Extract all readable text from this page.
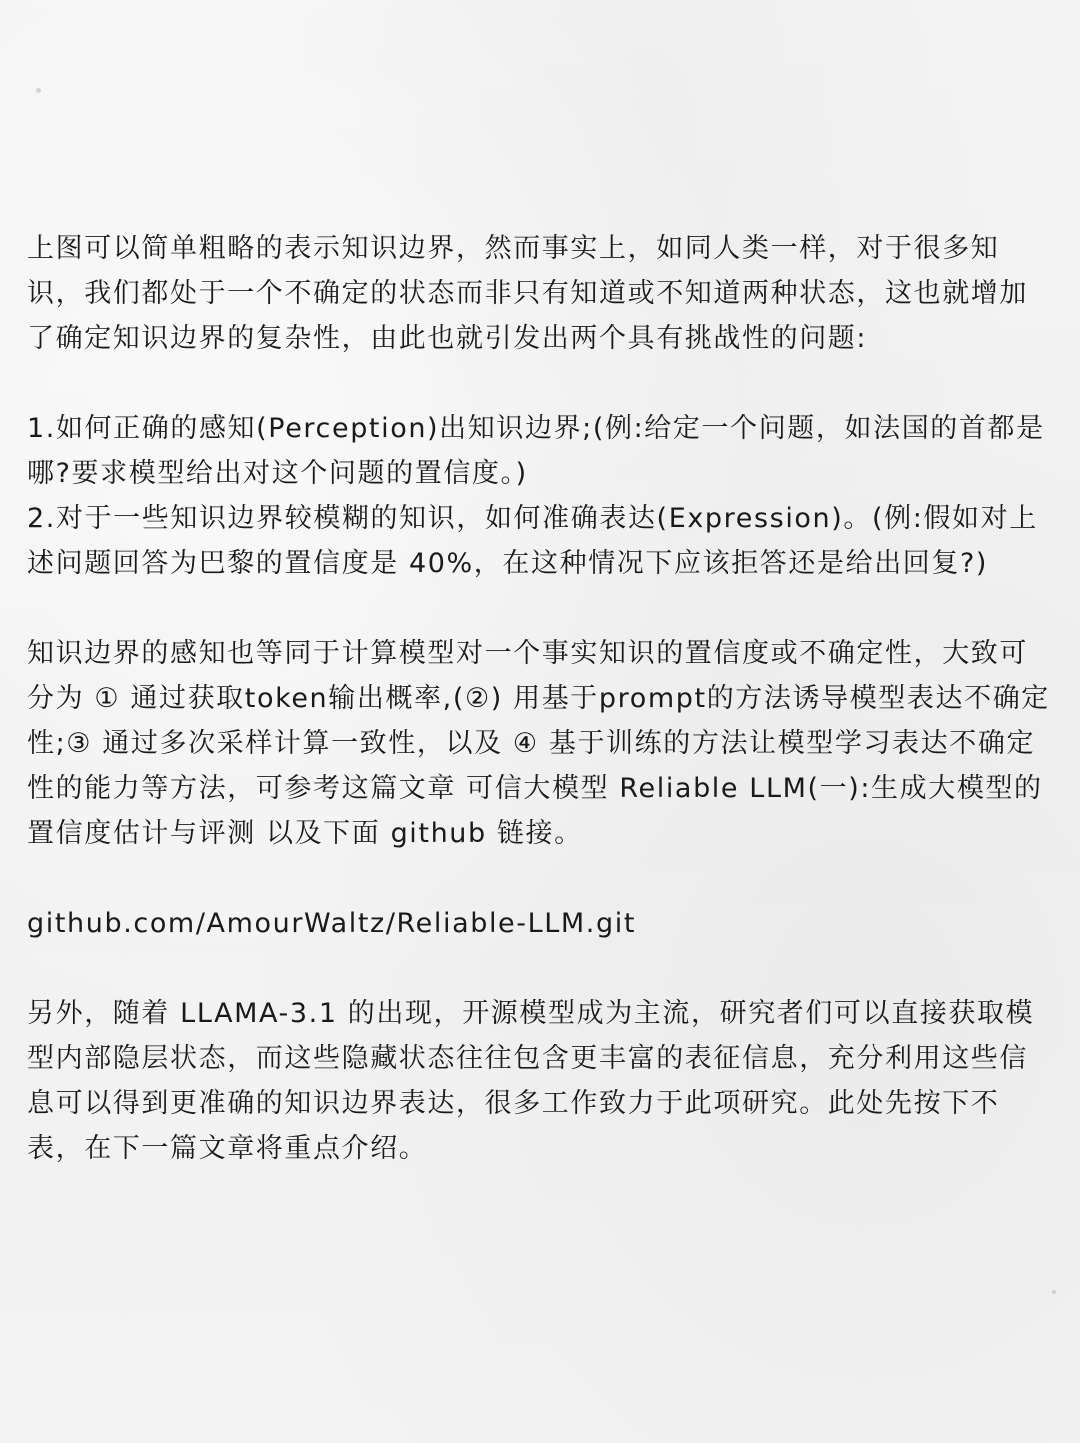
上图可以简单粗略的表示知识边界，然而事实上，如同人类一样，对于很多知识，我们都处于一个不确定的状态而非只有知道或不知道两种状态，这也就增加了确定知识边界的复杂性，由此也就引发出两个具有挑战性的问题:

1.如何正确的感知(Perception)出知识边界;(例:给定一个问题，如法国的首都是哪?要求模型给出对这个问题的置信度。)

2.对于一些知识边界较模糊的知识，如何准确表达(Expression)。(例:假如对上述问题回答为巴黎的置信度是 40%，在这种情况下应该拒答还是给出回复?)

知识边界的感知也等同于计算模型对一个事实知识的置信度或不确定性，大致可分为 ① 通过获取token输出概率,(②) 用基于prompt的方法诱导模型表达不确定性;③ 通过多次采样计算一致性，以及 ④ 基于训练的方法让模型学习表达不确定性的能力等方法，可参考这篇文章 可信大模型 Reliable LLM(一):生成大模型的置信度估计与评测 以及下面 github 链接。

github.com/AmourWaltz/Reliable-LLM.git

另外，随着 LLAMA-3.1 的出现，开源模型成为主流，研究者们可以直接获取模型内部隐层状态，而这些隐藏状态往往包含更丰富的表征信息，充分利用这些信息可以得到更准确的知识边界表达，很多工作致力于此项研究。此处先按下不表，在下一篇文章将重点介绍。
